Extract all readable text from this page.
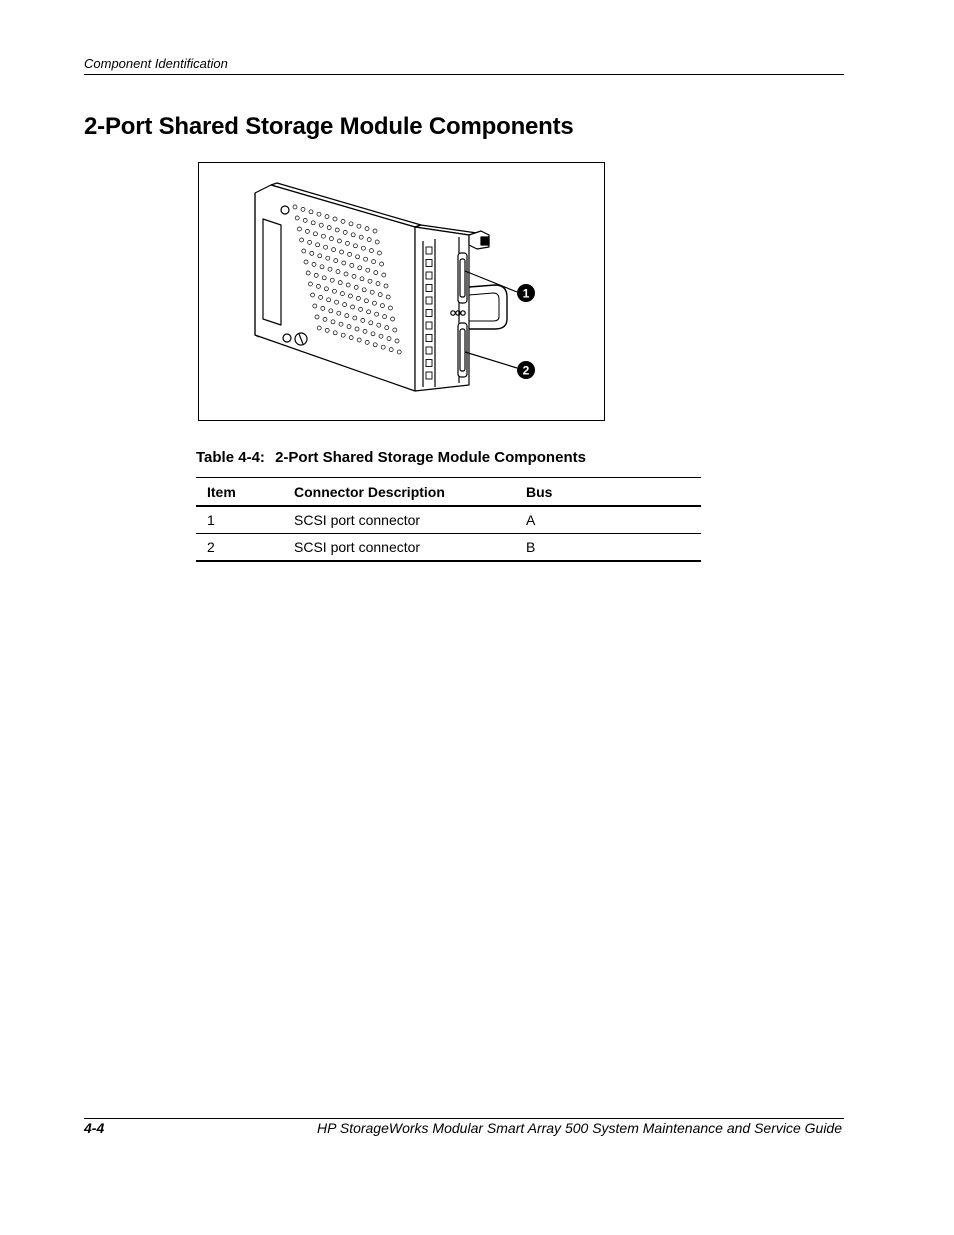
Component Identification
2-Port Shared Storage Module Components
1
2
Table 4-4: 2-Port Shared Storage Module Components
Item	Connector Description	Bus
1	SCSI port connector	A
2	SCSI port connector	B
4-4	HP StorageWorks Modular Smart Array 500 System Maintenance and Service Guide
